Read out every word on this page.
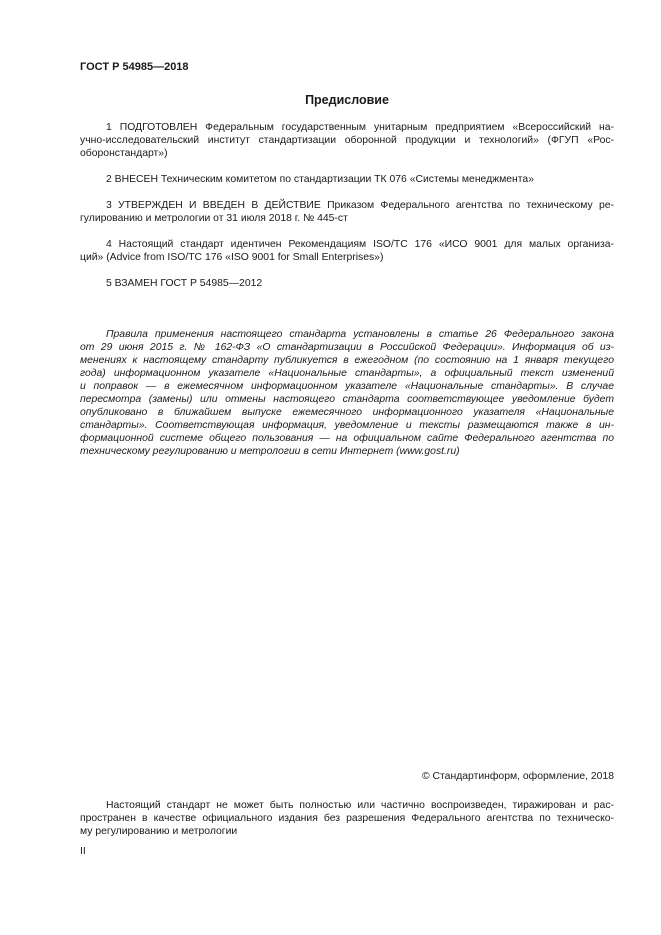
ГОСТ Р 54985—2018
Предисловие
1 ПОДГОТОВЛЕН Федеральным государственным унитарным предприятием «Всероссийский на-
учно-исследовательский институт стандартизации оборонной продукции и технологий» (ФГУП «Рос-
оборонстандарт»)
2 ВНЕСЕН Техническим комитетом по стандартизации ТК 076 «Системы менеджмента»
3 УТВЕРЖДЕН И ВВЕДЕН В ДЕЙСТВИЕ Приказом Федерального агентства по техническому ре-
гулированию и метрологии от 31 июля 2018 г. № 445-ст
4 Настоящий стандарт идентичен Рекомендациям ISO/TC 176 «ИСО 9001 для малых организа-
ций» (Advice from ISO/TC 176 «ISO 9001 for Small Enterprises»)
5 ВЗАМЕН ГОСТ Р 54985—2012
Правила применения настоящего стандарта установлены в статье 26 Федерального закона
от 29 июня 2015 г. № 162-ФЗ «О стандартизации в Российской Федерации». Информация об из-
менениях к настоящему стандарту публикуется в ежегодном (по состоянию на 1 января текущего
года) информационном указателе «Национальные стандарты», а официальный текст изменений
и поправок — в ежемесячном информационном указателе «Национальные стандарты». В случае
пересмотра (замены) или отмены настоящего стандарта соответствующее уведомление будет
опубликовано в ближайшем выпуске ежемесячного информационного указателя «Национальные
стандарты». Соответствующая информация, уведомление и тексты размещаются также в ин-
формационной системе общего пользования — на официальном сайте Федерального агентства по
техническому регулированию и метрологии в сети Интернет (www.gost.ru)
© Стандартинформ, оформление, 2018
Настоящий стандарт не может быть полностью или частично воспроизведен, тиражирован и рас-
пространен в качестве официального издания без разрешения Федерального агентства по техническо-
му регулированию и метрологии
II
